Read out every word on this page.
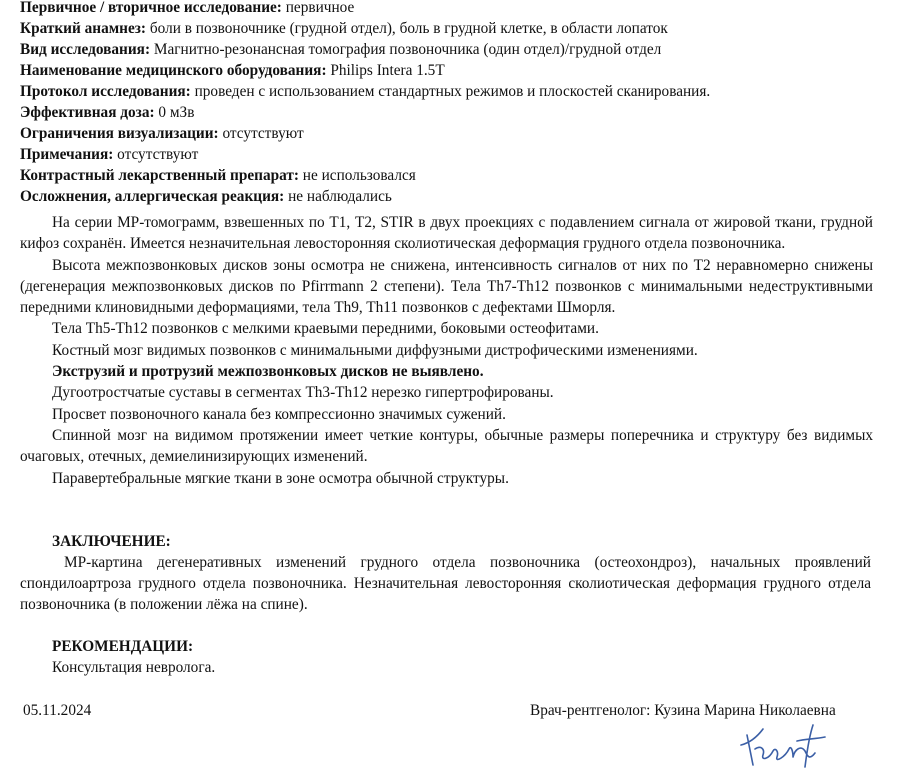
Первичное / вторичное исследование: первичное
Краткий анамнез: боли в позвоночнике (грудной отдел), боль в грудной клетке, в области лопаток
Вид исследования: Магнитно-резонансная томография позвоночника (один отдел)/грудной отдел
Наименование медицинского оборудования: Philips Intera 1.5T
Протокол исследования: проведен с использованием стандартных режимов и плоскостей сканирования.
Эффективная доза: 0 мЗв
Ограничения визуализации: отсутствуют
Примечания: отсутствуют
Контрастный лекарственный препарат: не использовался
Осложнения, аллергическая реакция: не наблюдались

На серии МР-томограмм, взвешенных по Т1, Т2, STIR в двух проекциях с подавлением сигнала от жировой ткани, грудной кифоз сохранён. Имеется незначительная левосторонняя сколиотическая деформация грудного отдела позвоночника.

Высота межпозвонковых дисков зоны осмотра не снижена, интенсивность сигналов от них по Т2 неравномерно снижены (дегенерация межпозвонковых дисков по Pfirrmann 2 степени). Тела Th7-Th12 позвонков с минимальными недеструктивными передними клиновидными деформациями, тела Th9, Th11 позвонков с дефектами Шморля.

Тела Th5-Th12 позвонков с мелкими краевыми передними, боковыми остеофитами.

Костный мозг видимых позвонков с минимальными диффузными дистрофическими изменениями.

Экструзий и протрузий межпозвонковых дисков не выявлено.

Дугоотростчатые суставы в сегментах Th3-Th12 нерезко гипертрофированы.

Просвет позвоночного канала без компрессионно значимых сужений.

Спинной мозг на видимом протяжении имеет четкие контуры, обычные размеры поперечника и структуру без видимых очаговых, отечных, демиелинизирующих изменений.

Паравертебральные мягкие ткани в зоне осмотра обычной структуры.

ЗАКЛЮЧЕНИЕ:

МР-картина дегенеративных изменений грудного отдела позвоночника (остеохондроз), начальных проявлений спондилоартроза грудного отдела позвоночника. Незначительная левосторонняя сколиотическая деформация грудного отдела позвоночника (в положении лёжа на спине).

РЕКОМЕНДАЦИИ:
Консультация невролога.
05.11.2024	Врач-рентгенолог: Кузина Марина Николаевна
